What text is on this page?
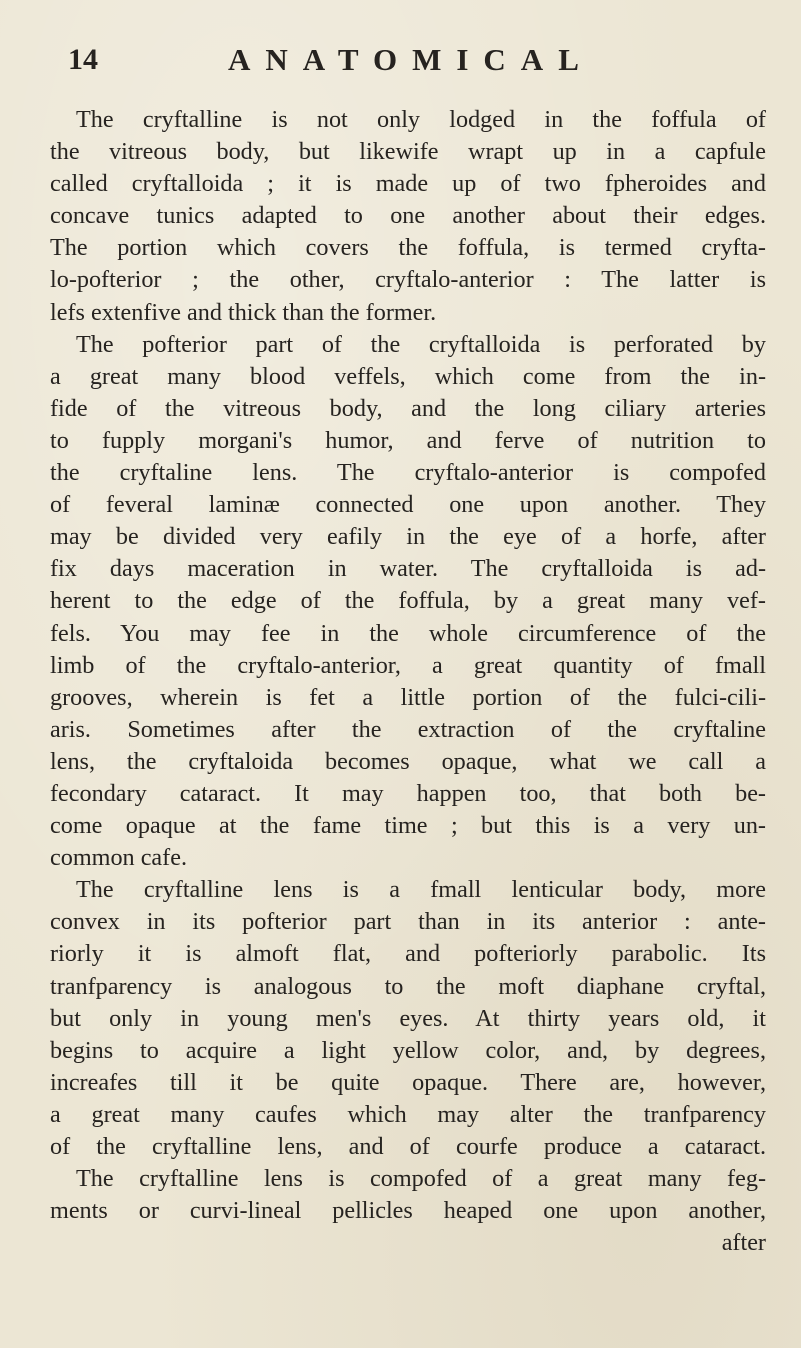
14	ANATOMICAL
The cryftalline is not only lodged in the foffula of
the vitreous body, but likewife wrapt up in a capfule
called cryftalloida ; it is made up of two fpheroides and
concave tunics adapted to one another about their edges.
The portion which covers the foffula, is termed cryfta-
lo-pofterior ; the other, cryftalo-anterior : The latter is
lefs extenfive and thick than the former.
The pofterior part of the cryftalloida is perforated by
a great many blood veffels, which come from the in-
fide of the vitreous body, and the long ciliary arteries
to fupply morgani's humor, and ferve of nutrition to
the cryftaline lens. The cryftalo-anterior is compofed
of feveral laminæ connected one upon another. They
may be divided very eafily in the eye of a horfe, after
fix days maceration in water. The cryftalloida is ad-
herent to the edge of the foffula, by a great many vef-
fels. You may fee in the whole circumference of the
limb of the cryftalo-anterior, a great quantity of fmall
grooves, wherein is fet a little portion of the fulci-cili-
aris. Sometimes after the extraction of the cryftaline
lens, the cryftaloida becomes opaque, what we call a
fecondary cataract. It may happen too, that both be-
come opaque at the fame time ; but this is a very un-
common cafe.
The cryftalline lens is a fmall lenticular body, more
convex in its pofterior part than in its anterior : ante-
riorly it is almoft flat, and pofteriorly parabolic. Its
tranfparency is analogous to the moft diaphane cryftal,
but only in young men's eyes. At thirty years old, it
begins to acquire a light yellow color, and, by degrees,
increafes till it be quite opaque. There are, however,
a great many caufes which may alter the tranfparency
of the cryftalline lens, and of courfe produce a cataract.
The cryftalline lens is compofed of a great many feg-
ments or curvi-lineal pellicles heaped one upon another,
after
